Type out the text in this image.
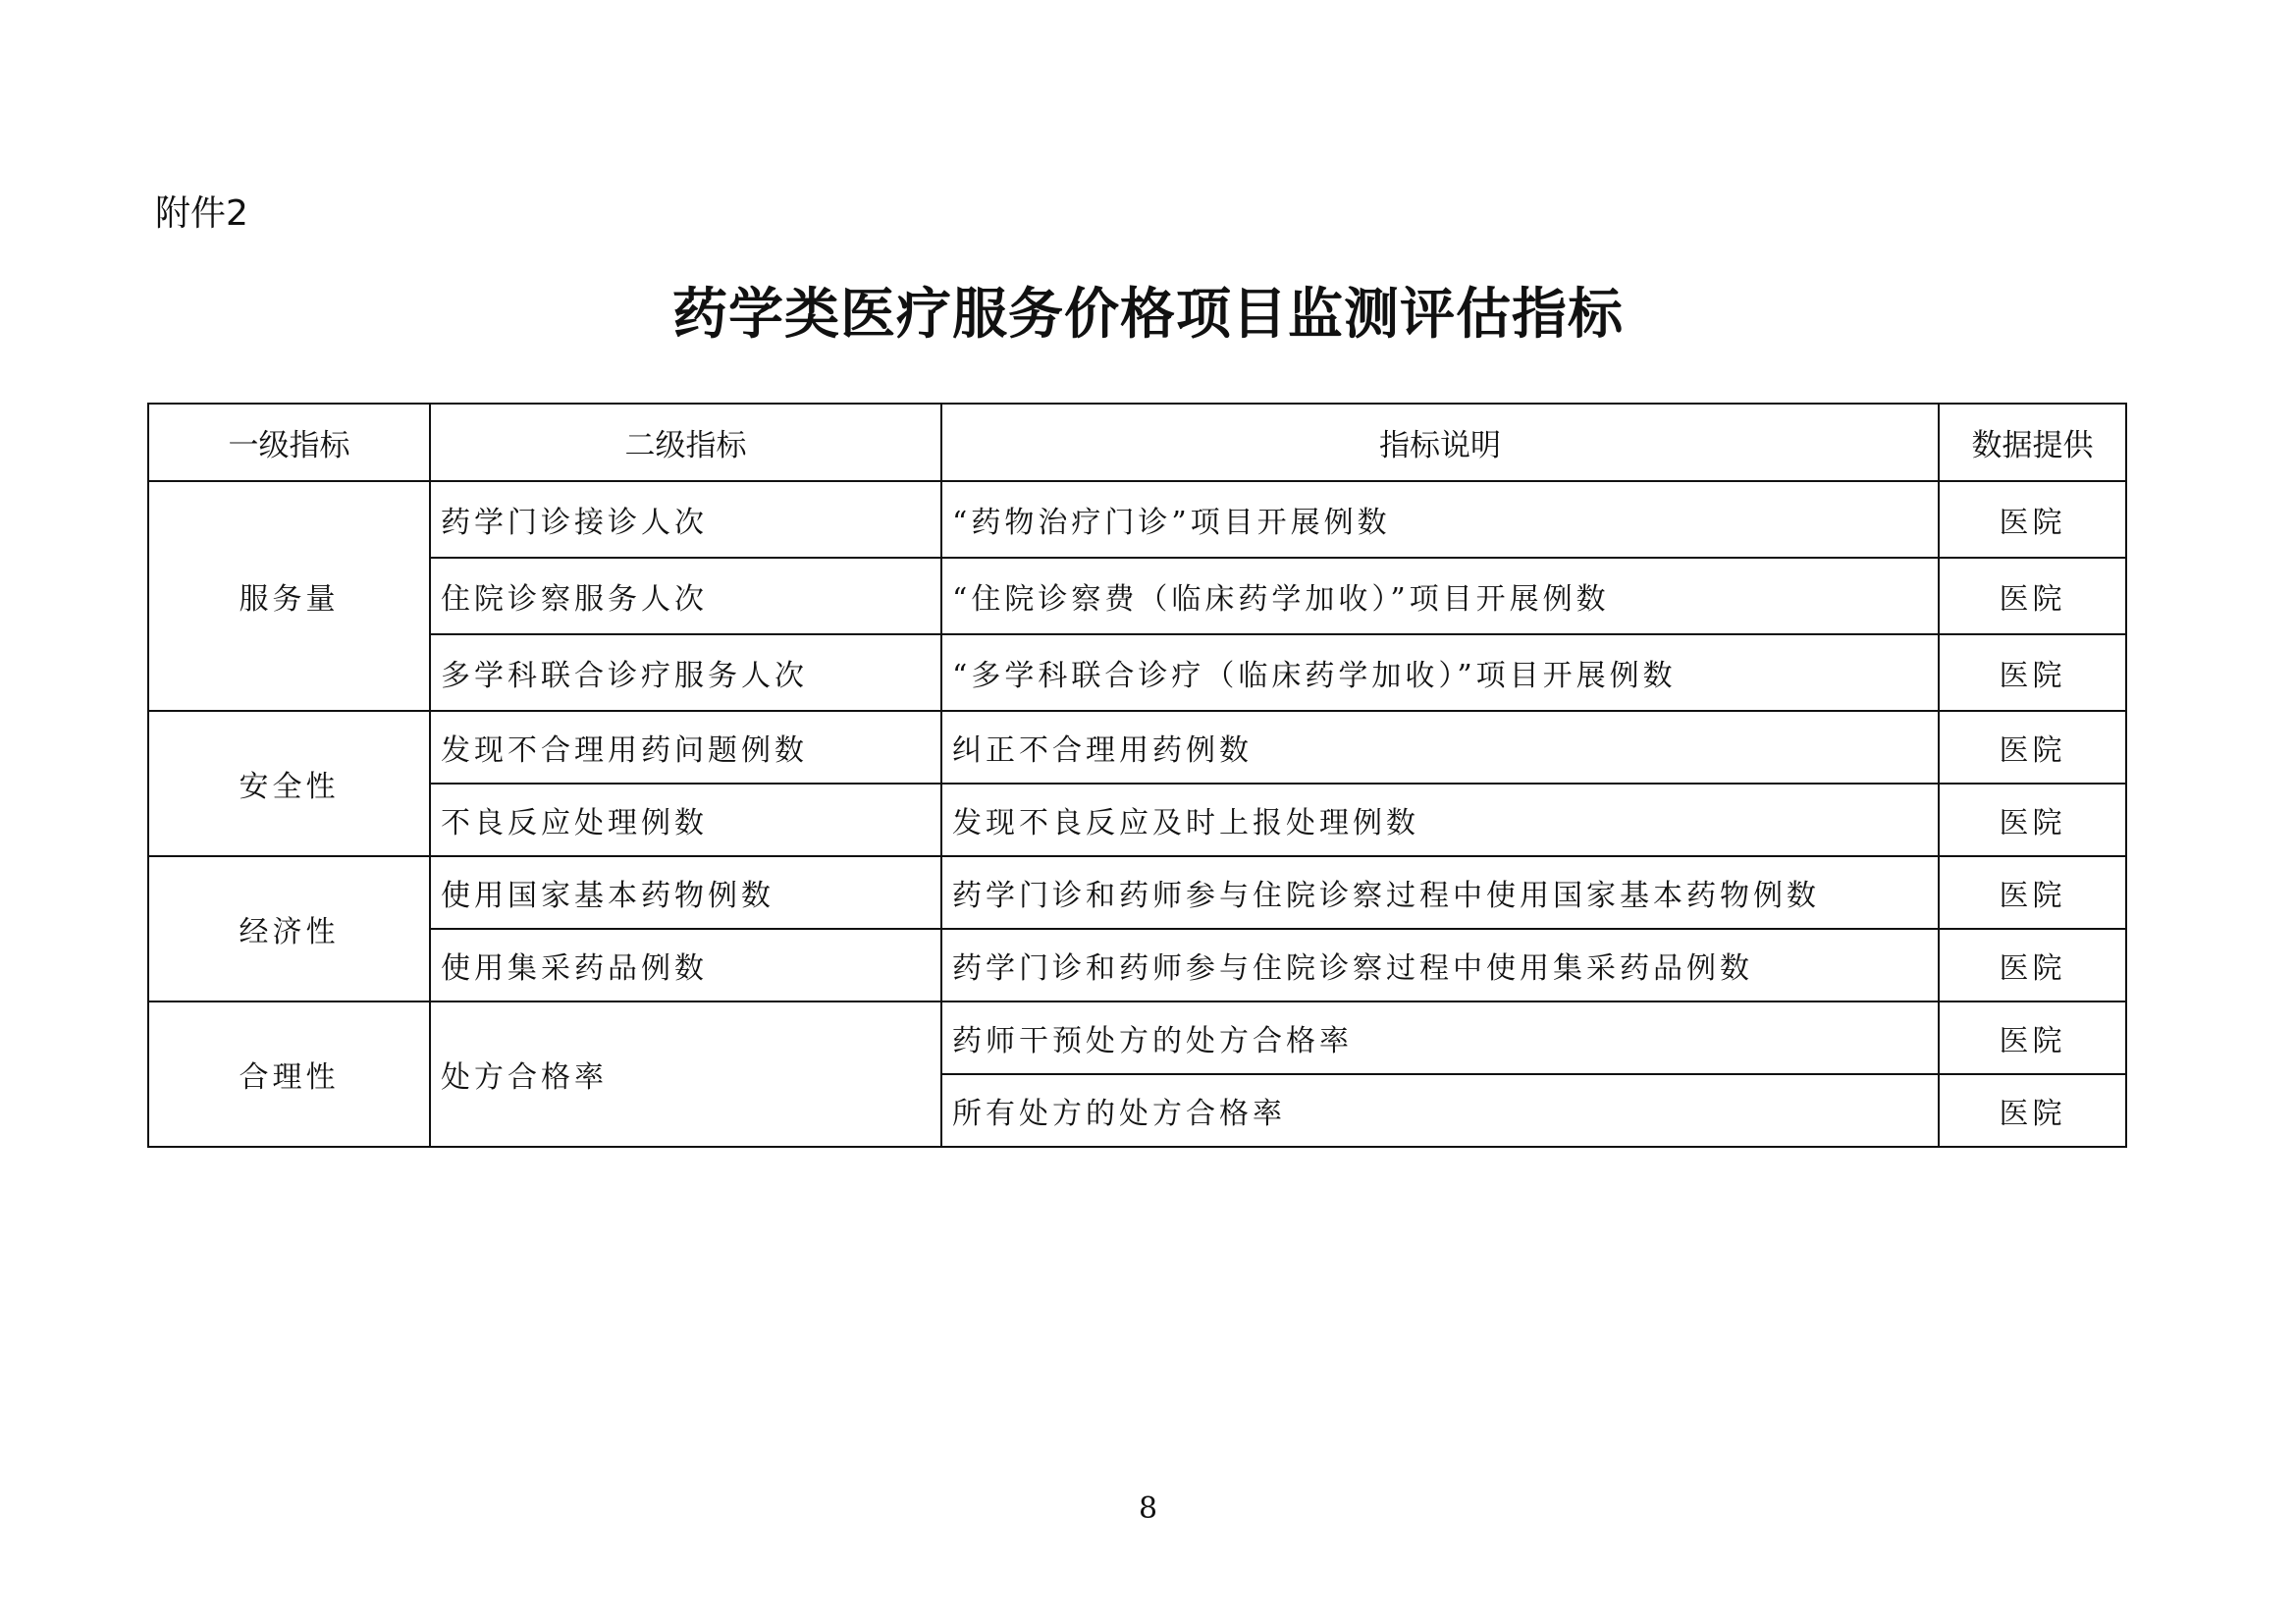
附件2
药学类医疗服务价格项目监测评估指标
一级指标	二级指标	指标说明	数据提供
服务量	药学门诊接诊人次	“药物治疗门诊”项目开展例数	医院
	住院诊察服务人次	“住院诊察费（临床药学加收）”项目开展例数	医院
	多学科联合诊疗服务人次	“多学科联合诊疗（临床药学加收）”项目开展例数	医院
安全性	发现不合理用药问题例数	纠正不合理用药例数	医院
	不良反应处理例数	发现不良反应及时上报处理例数	医院
经济性	使用国家基本药物例数	药学门诊和药师参与住院诊察过程中使用国家基本药物例数	医院
	使用集采药品例数	药学门诊和药师参与住院诊察过程中使用集采药品例数	医院
合理性	处方合格率	药师干预处方的处方合格率	医院
		所有处方的处方合格率	医院
8
